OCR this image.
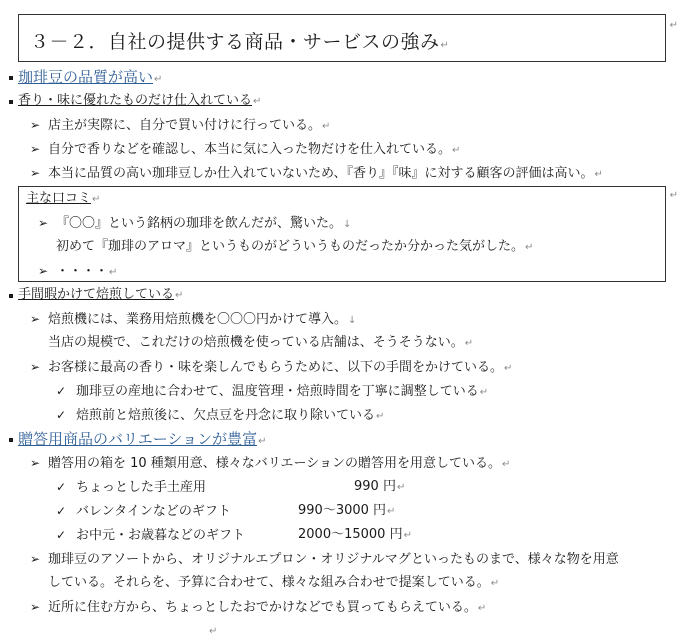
３－２．自社の提供する商品・サービスの強み↵
↵
珈琲豆の品質が高い↵
香り・味に優れたものだけ仕入れている↵
➢ 店主が実際に、自分で買い付けに行っている。↵
➢ 自分で香りなどを確認し、本当に気に入った物だけを仕入れている。↵
➢ 本当に品質の高い珈琲豆しか仕入れていないため、『香り』『味』に対する顧客の評価は高い。↵
↵
主な口コミ↵
➢ 『〇〇』という銘柄の珈琲を飲んだが、驚いた。↓
初めて『珈琲のアロマ』というものがどういうものだったか分かった気がした。↵
➢ ・・・・↵
手間暇かけて焙煎している↵
➢ 焙煎機には、業務用焙煎機を〇〇〇円かけて導入。↓
当店の規模で、これだけの焙煎機を使っている店舗は、そうそうない。↵
➢ お客様に最高の香り・味を楽しんでもらうために、以下の手間をかけている。↵
✓ 珈琲豆の産地に合わせて、温度管理・焙煎時間を丁寧に調整している↵
✓ 焙煎前と焙煎後に、欠点豆を丹念に取り除いている↵
贈答用商品のバリエーションが豊富↵
➢ 贈答用の箱を 10 種類用意、様々なバリエーションの贈答用を用意している。↵
✓ ちょっとした手土産用	990 円↵
✓ バレンタインなどのギフト	990～3000 円↵
✓ お中元・お歳暮などのギフト	2000～15000 円↵
➢ 珈琲豆のアソートから、オリジナルエプロン・オリジナルマグといったものまで、様々な物を用意
している。それらを、予算に合わせて、様々な組み合わせで提案している。↵
➢ 近所に住む方から、ちょっとしたおでかけなどでも買ってもらえている。↵
↵
